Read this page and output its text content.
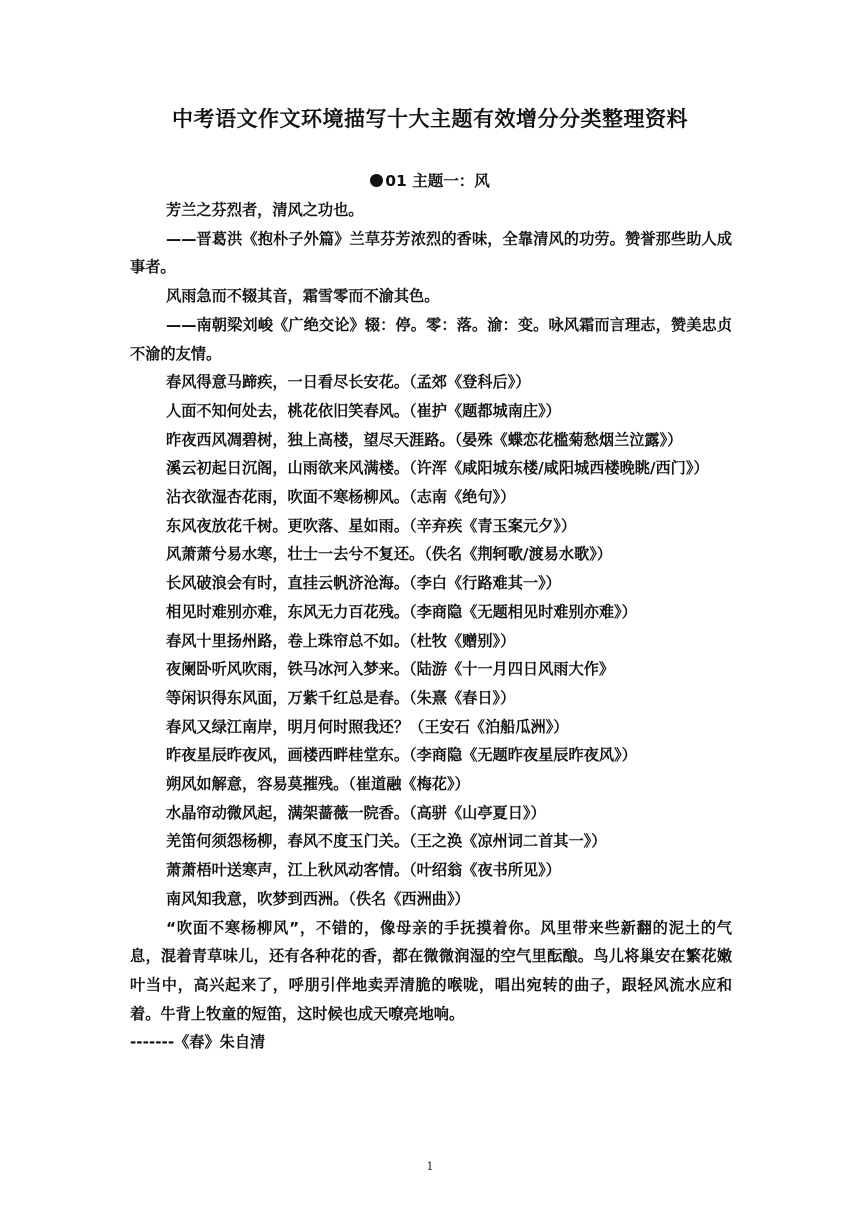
中考语文作文环境描写十大主题有效增分分类整理资料
01 主题一：风

芳兰之芬烈者，清风之功也。

——晋葛洪《抱朴子外篇》兰草芬芳浓烈的香味，全靠清风的功劳。赞誉那些助人成事者。

风雨急而不辍其音，霜雪零而不渝其色。

——南朝梁刘峻《广绝交论》辍：停。零：落。渝：变。咏风霜而言理志，赞美忠贞不渝的友情。

春风得意马蹄疾，一日看尽长安花。（孟郊《登科后》）

人面不知何处去，桃花依旧笑春风。（崔护《题都城南庄》）

昨夜西风凋碧树，独上高楼，望尽天涯路。（晏殊《蝶恋花槛菊愁烟兰泣露》）

溪云初起日沉阁，山雨欲来风满楼。（许浑《咸阳城东楼/咸阳城西楼晚眺/西门》）

沾衣欲湿杏花雨，吹面不寒杨柳风。（志南《绝句》）

东风夜放花千树。更吹落、星如雨。（辛弃疾《青玉案元夕》）

风萧萧兮易水寒，壮士一去兮不复还。（佚名《荆轲歌/渡易水歌》）

长风破浪会有时，直挂云帆济沧海。（李白《行路难其一》）

相见时难别亦难，东风无力百花残。（李商隐《无题相见时难别亦难》）

春风十里扬州路，卷上珠帘总不如。（杜牧《赠别》）

夜阑卧听风吹雨，铁马冰河入梦来。（陆游《十一月四日风雨大作》

等闲识得东风面，万紫千红总是春。（朱熹《春日》）

春风又绿江南岸，明月何时照我还？（王安石《泊船瓜洲》）

昨夜星辰昨夜风，画楼西畔桂堂东。（李商隐《无题昨夜星辰昨夜风》）

朔风如解意，容易莫摧残。（崔道融《梅花》）

水晶帘动微风起，满架蔷薇一院香。（高骈《山亭夏日》）

羌笛何须怨杨柳，春风不度玉门关。（王之涣《凉州词二首其一》）

萧萧梧叶送寒声，江上秋风动客情。（叶绍翁《夜书所见》）

南风知我意，吹梦到西洲。（佚名《西洲曲》）

“吹面不寒杨柳风”，不错的，像母亲的手抚摸着你。风里带来些新翻的泥土的气息，混着青草味儿，还有各种花的香，都在微微润湿的空气里酝酿。鸟儿将巢安在繁花嫩叶当中，高兴起来了，呼朋引伴地卖弄清脆的喉咙，唱出宛转的曲子，跟轻风流水应和着。牛背上牧童的短笛，这时候也成天嘹亮地响。

-------《春》朱自清

1
